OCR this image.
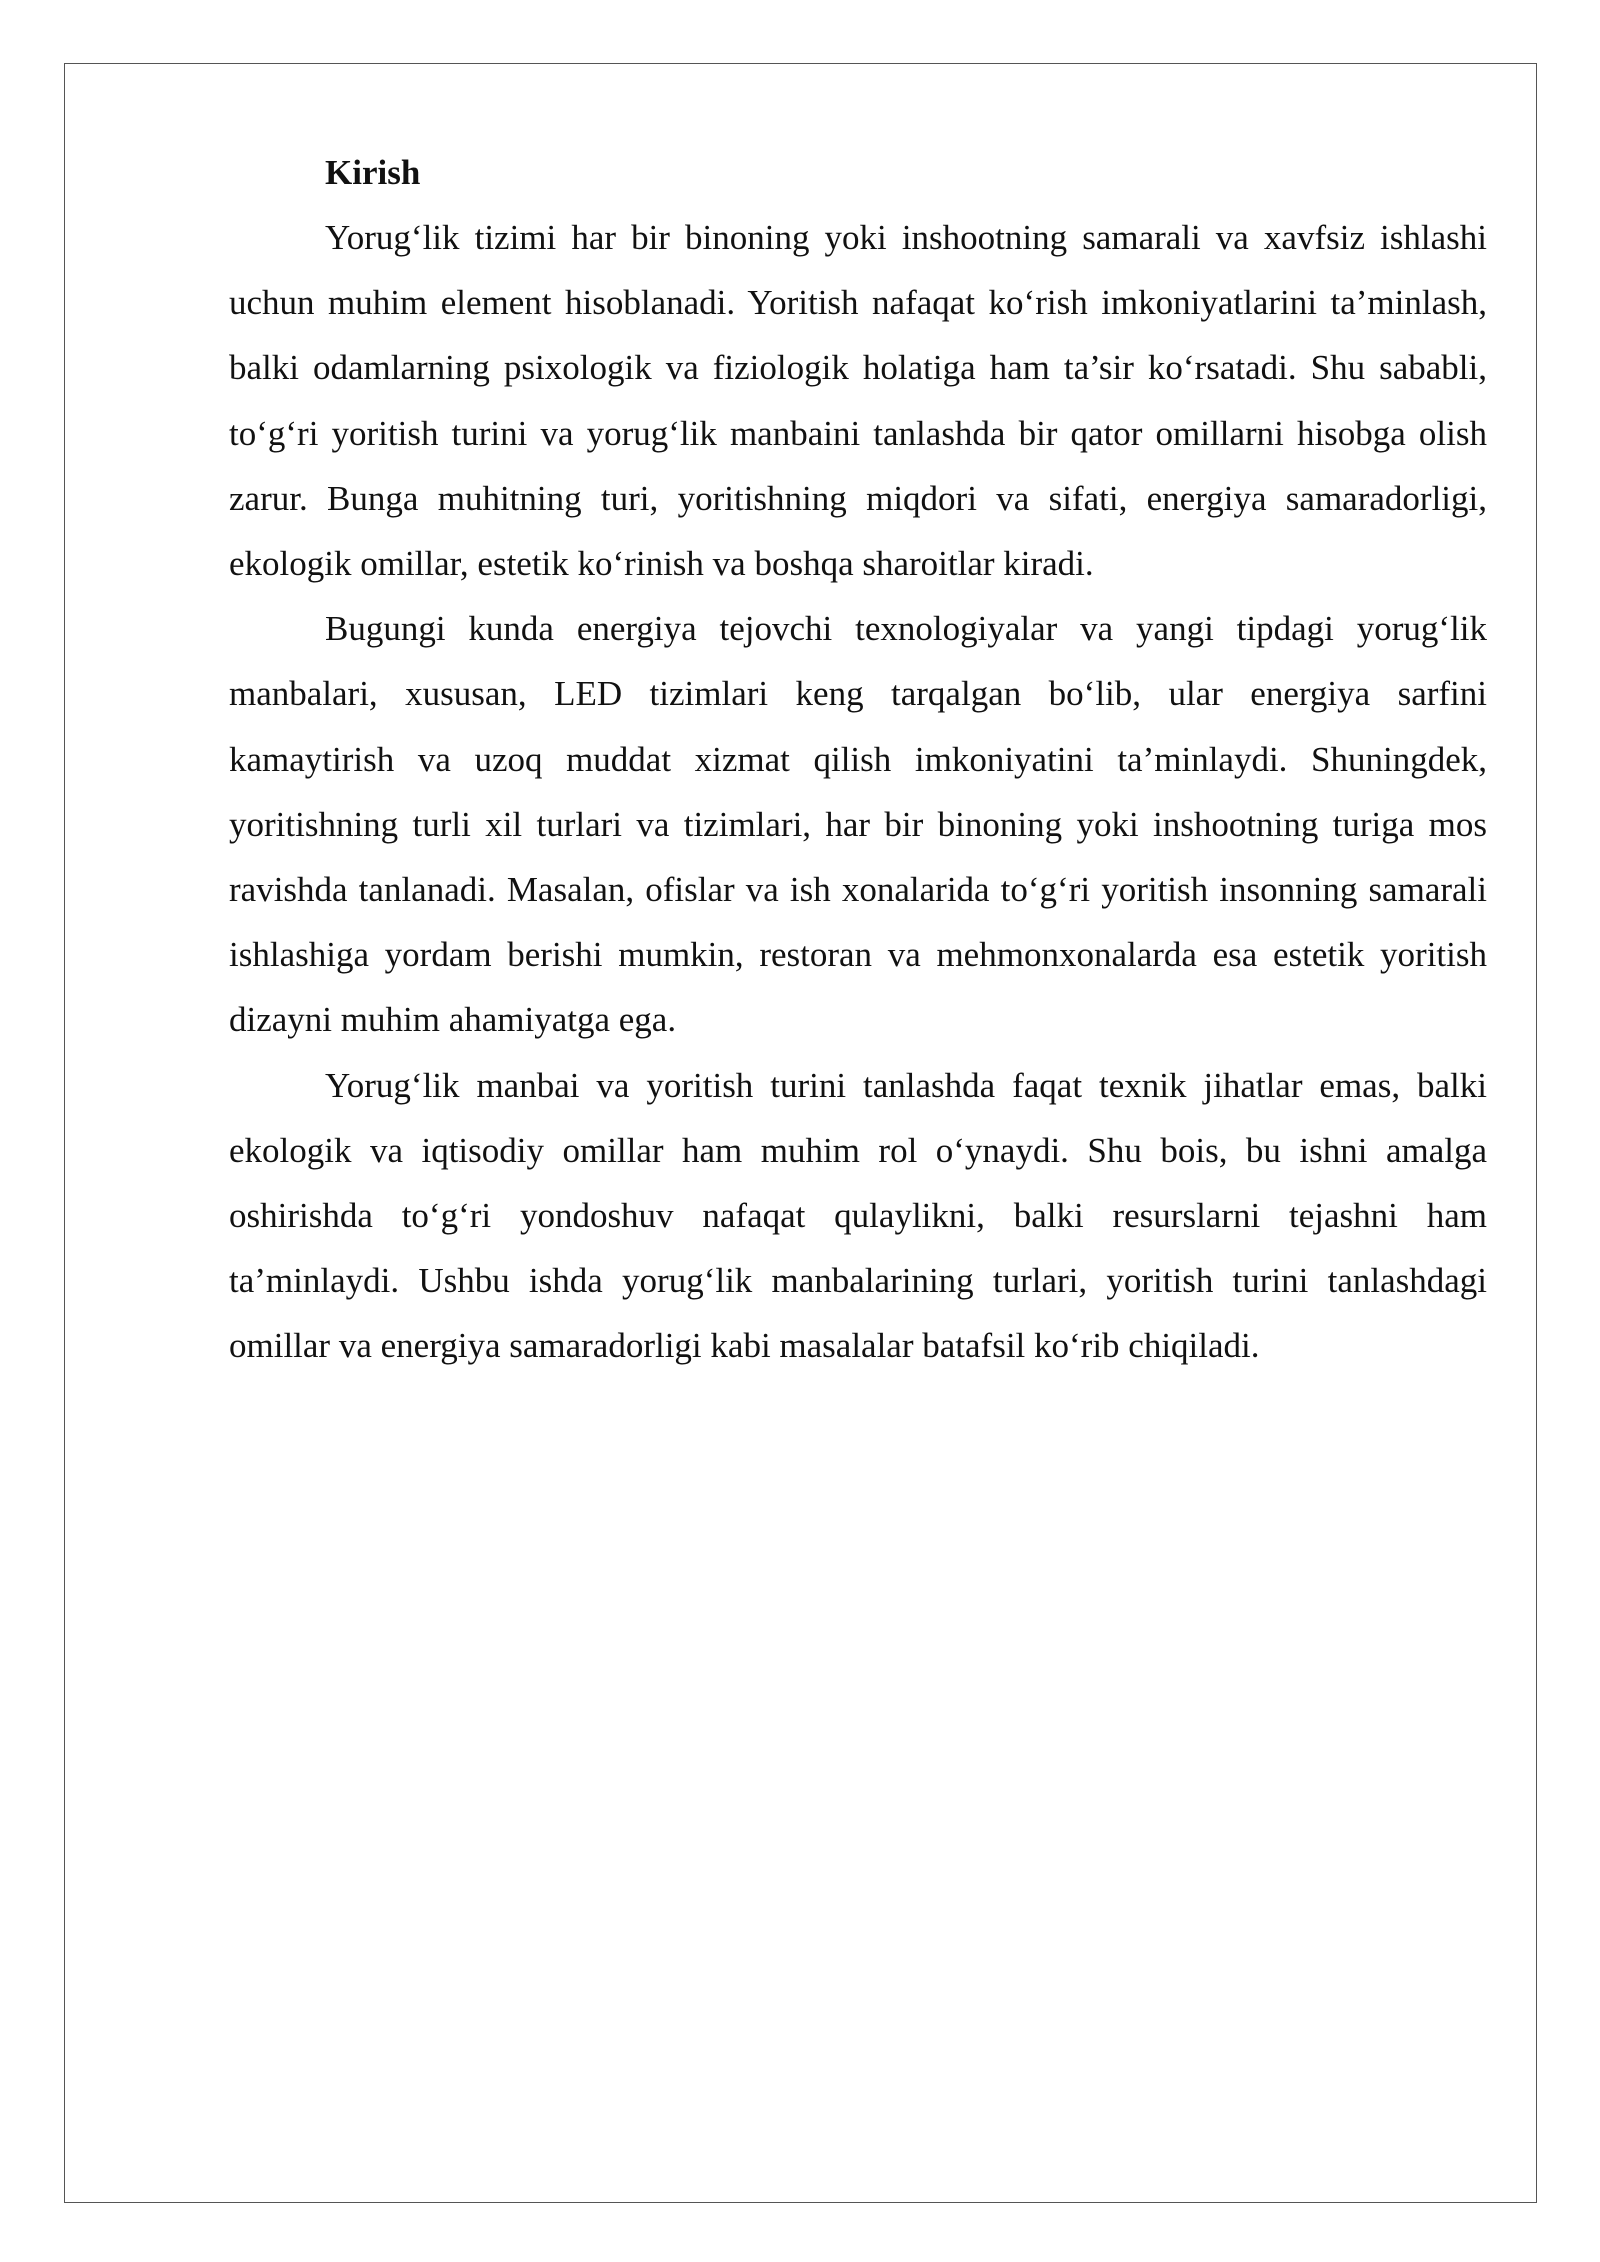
Kirish

Yorug‘lik tizimi har bir binoning yoki inshootning samarali va xavfsiz ishlashi uchun muhim element hisoblanadi. Yoritish nafaqat ko‘rish imkoniyatlarini ta’minlash, balki odamlarning psixologik va fiziologik holatiga ham ta’sir ko‘rsatadi. Shu sababli, to‘g‘ri yoritish turini va yorug‘lik manbaini tanlashda bir qator omillarni hisobga olish zarur. Bunga muhitning turi, yoritishning miqdori va sifati, energiya samaradorligi, ekologik omillar, estetik ko‘rinish va boshqa sharoitlar kiradi.

Bugungi kunda energiya tejovchi texnologiyalar va yangi tipdagi yorug‘lik manbalari, xususan, LED tizimlari keng tarqalgan bo‘lib, ular energiya sarfini kamaytirish va uzoq muddat xizmat qilish imkoniyatini ta’minlaydi. Shuningdek, yoritishning turli xil turlari va tizimlari, har bir binoning yoki inshootning turiga mos ravishda tanlanadi. Masalan, ofislar va ish xonalarida to‘g‘ri yoritish insonning samarali ishlashiga yordam berishi mumkin, restoran va mehmonxonalarda esa estetik yoritish dizayni muhim ahamiyatga ega.

Yorug‘lik manbai va yoritish turini tanlashda faqat texnik jihatlar emas, balki ekologik va iqtisodiy omillar ham muhim rol o‘ynaydi. Shu bois, bu ishni amalga oshirishda to‘g‘ri yondoshuv nafaqat qulaylikni, balki resurslarni tejashni ham ta’minlaydi. Ushbu ishda yorug‘lik manbalarining turlari, yoritish turini tanlashdagi omillar va energiya samaradorligi kabi masalalar batafsil ko‘rib chiqiladi.
